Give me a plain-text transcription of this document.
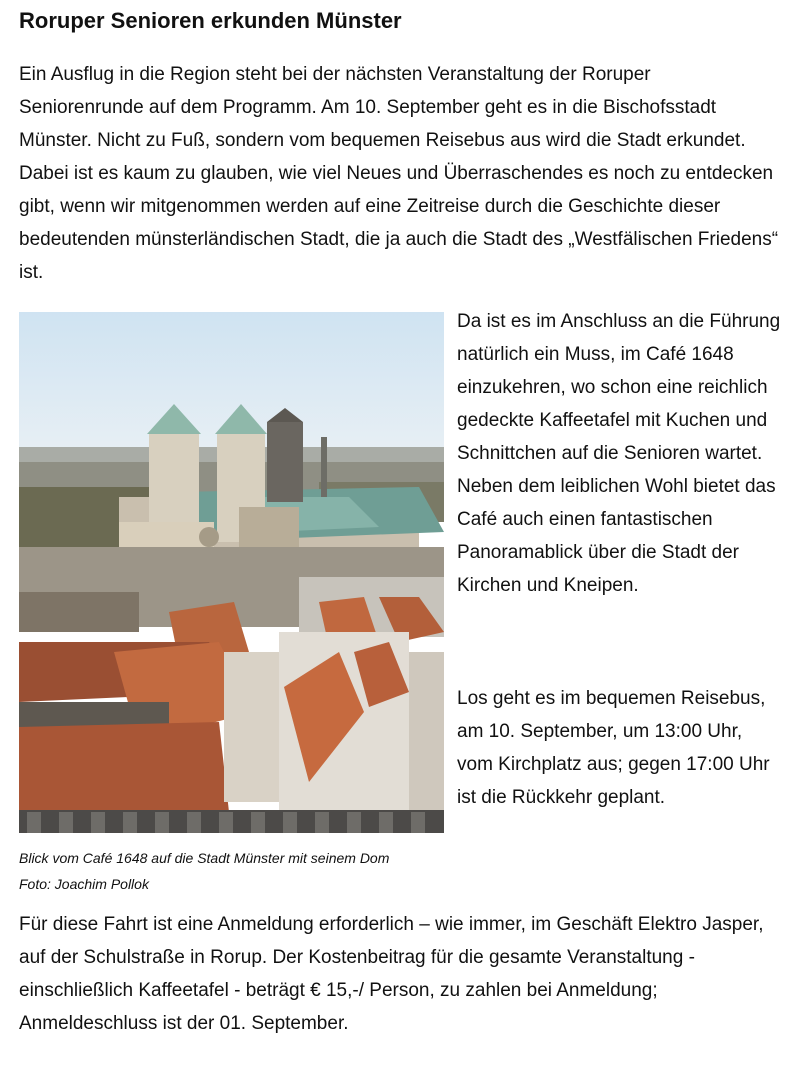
Roruper Senioren erkunden Münster

Ein Ausflug in die Region steht bei der nächsten Veranstaltung der Roruper Seniorenrunde auf dem Programm. Am 10. September geht es in die Bischofsstadt Münster. Nicht zu Fuß, sondern vom bequemen Reisebus aus wird die Stadt erkundet. Dabei ist es kaum zu glauben, wie viel Neues und Überraschendes es noch zu entdecken gibt, wenn wir mitgenommen werden auf eine Zeitreise durch die Geschichte dieser bedeutenden münsterländischen Stadt, die ja auch die Stadt des „Westfälischen Friedens“ ist.

Da ist es im Anschluss an die Führung natürlich ein Muss, im Café 1648 einzukehren, wo schon eine reichlich gedeckte Kaffeetafel mit Kuchen und Schnittchen auf die Senioren wartet. Neben dem leiblichen Wohl bietet das Café auch einen fantastischen Panoramablick über die Stadt der Kirchen und Kneipen.

Los geht es im bequemen Reisebus, am 10. September, um 13:00 Uhr, vom Kirchplatz aus; gegen 17:00 Uhr ist die Rückkehr geplant.

Blick vom Café 1648 auf die Stadt Münster mit seinem Dom

Foto: Joachim Pollok

Für diese Fahrt ist eine Anmeldung erforderlich – wie immer, im Geschäft Elektro Jasper, auf der Schulstraße in Rorup. Der Kostenbeitrag für die gesamte Veranstaltung - einschließlich Kaffeetafel - beträgt € 15,-/ Person, zu zahlen bei Anmeldung; Anmeldeschluss ist der 01. September.
